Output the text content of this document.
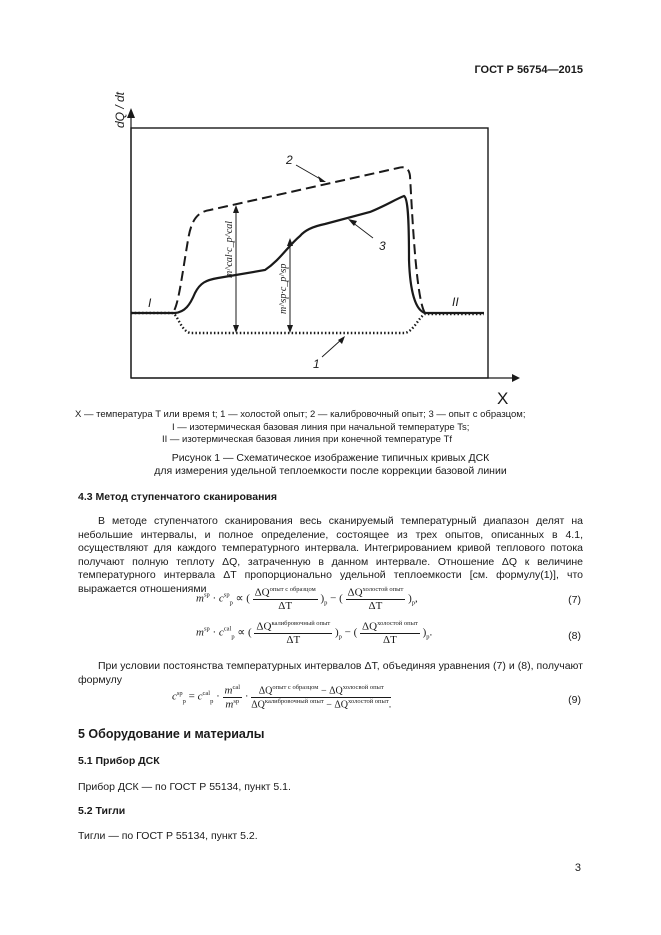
ГОСТ Р 56754—2015
dQ / dt
X
m^cal·c_p^cal
m^sp·c_p^sp
2
3
1
I	II
X — температура T или время t; 1 — холостой опыт; 2 — калибровочный опыт; 3 — опыт с образцом;
I — изотермическая базовая линия при начальной температуре Ts;
II — изотермическая базовая линия при конечной температуре Tf
Рисунок 1 — Схематическое изображение типичных кривых ДСК
для измерения удельной теплоемкости после коррекции базовой линии
4.3 Метод ступенчатого сканирования
В методе ступенчатого сканирования весь сканируемый температурный диапазон делят на небольшие интервалы, и полное определение, состоящее из трех опытов, описанных в 4.1, осуществляют для каждого температурного интервала. Интегрированием кривой теплового потока получают полную теплоту ΔQ, затраченную в данном интервале. Отношение ΔQ к величине температурного интервала ΔT пропорционально удельной теплоемкости [см. формулу(1)], что выражается отношениями
$m^{sp} \cdot c^{sp}_p$ ∝ ( $\frac{\Delta Q^{опыт с образцом}}{\Delta T} )_p$ − ( $\frac{\Delta Q^{холостой опыт}}{\Delta T} )_p$,	(7)
$m^{sp} \cdot c^{cal}_p$ ∝ ( $\frac{\Delta Q^{калибровочный опыт}}{\Delta T} )_p$ − ( $\frac{\Delta Q^{холостой опыт}}{\Delta T} )_p$.	(8)
При условии постоянства температурных интервалов ΔT, объединяя уравнения (7) и (8), получают формулу
$c^{sp}_p = c^{cal}_p \cdot \frac{m^{cal}}{m^{sp}} \cdot \frac{\Delta Q^{опыт с образцом} - \Delta Q^{холосвой опыт}}{\Delta Q^{калибровочный опыт} - \Delta Q^{холостой опыт}.}$	(9)
5 Оборудование и материалы
5.1 Прибор ДСК
Прибор ДСК — по ГОСТ Р 55134, пункт 5.1.
5.2 Тигли
Тигли — по ГОСТ Р 55134, пункт 5.2.
3
